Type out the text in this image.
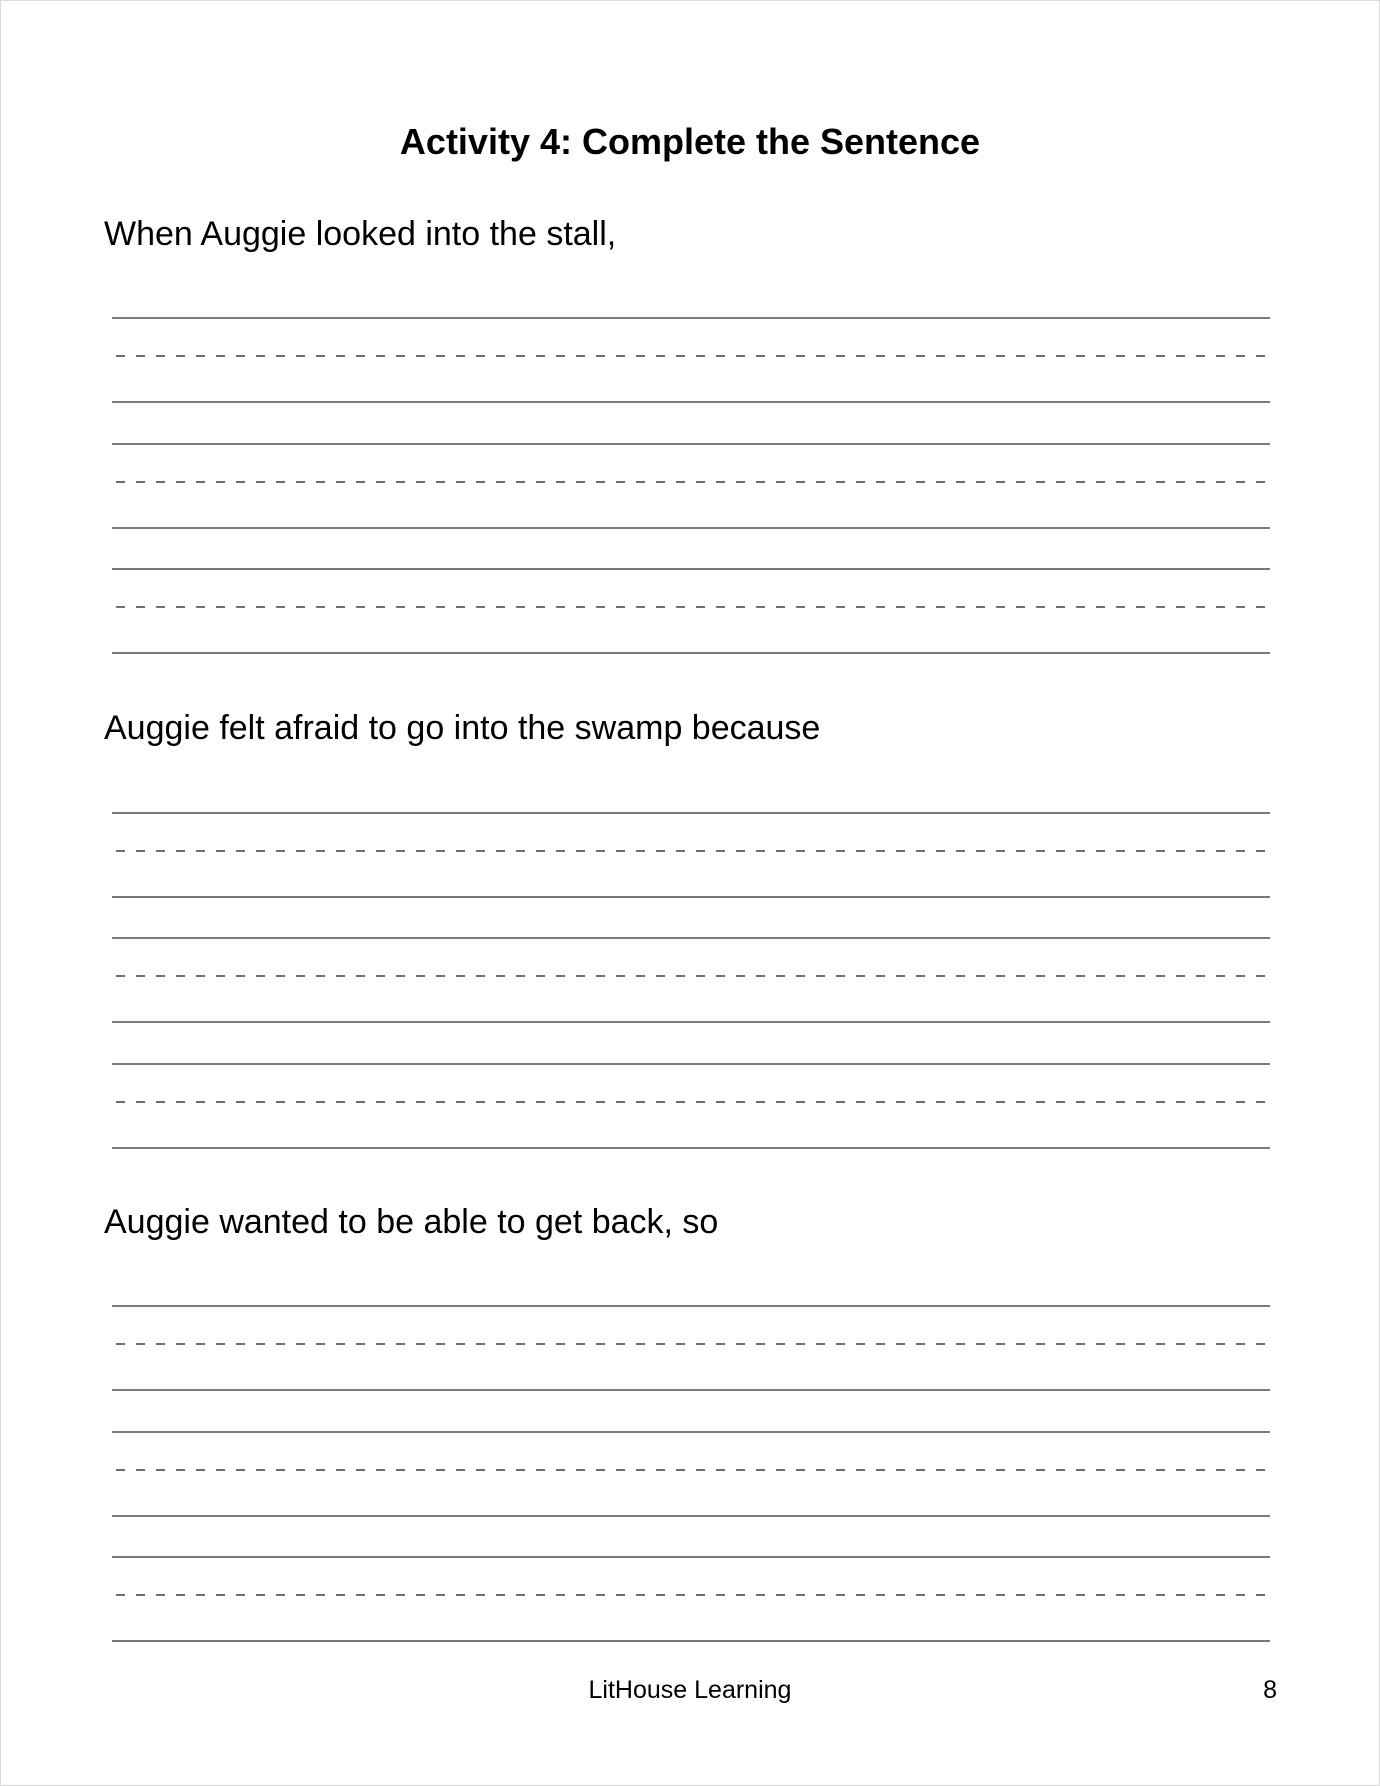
Activity 4: Complete the Sentence
When Auggie looked into the stall,
Auggie felt afraid to go into the swamp because
Auggie wanted to be able to get back, so
LitHouse Learning	8
